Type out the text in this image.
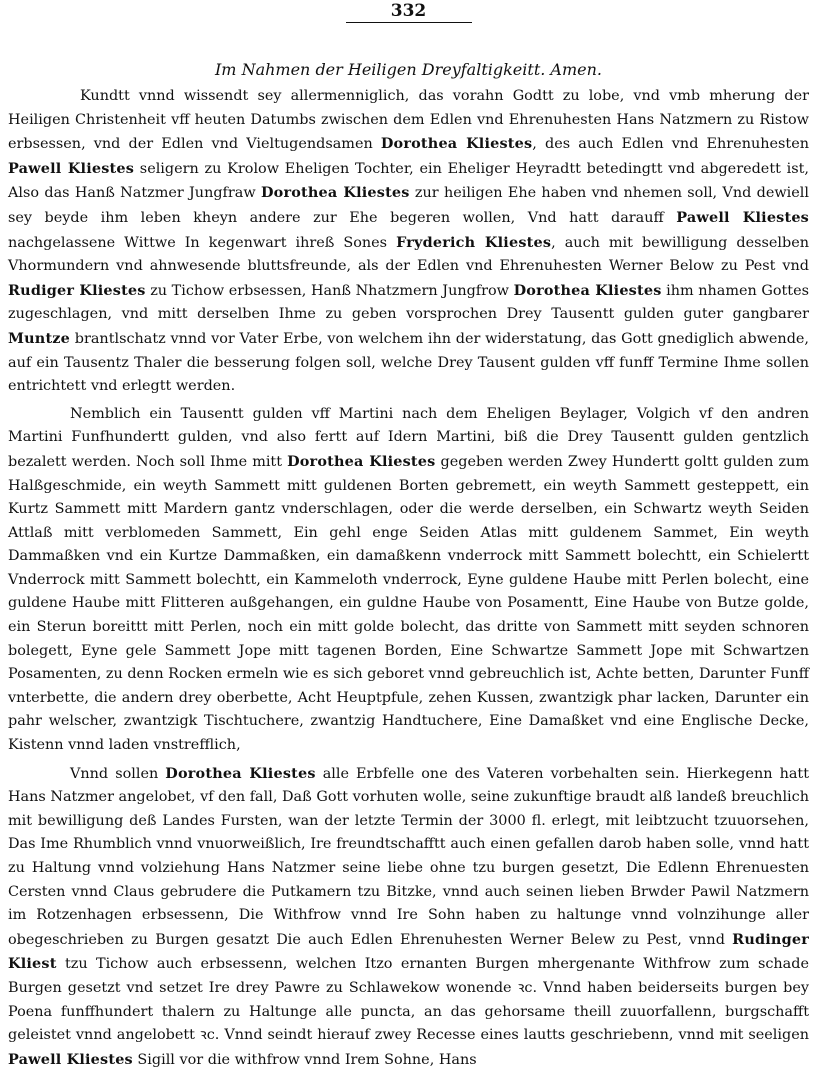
332
Im Nahmen der Heiligen Dreyfaltigkeitt. Amen.

Kundtt vnnd wissendt sey allermenniglich, das vorahn Godtt zu lobe, vnd vmb mherung der Heiligen Christenheit vff heuten Datumbs zwischen dem Edlen vnd Ehrenuhesten Hans Natzmern zu Ristow erbsessen, vnd der Edlen vnd Vieltugendsamen Dorothea Kliestes, des auch Edlen vnd Ehrenuhesten Pawell Kliestes seligern zu Krolow Eheligen Tochter, ein Eheliger Heyradtt betedingtt vnd abgeredett ist, Also das Hanß Natzmer Jungfraw Dorothea Kliestes zur heiligen Ehe haben vnd nhemen soll, Vnd dewiell sey beyde ihm leben kheyn andere zur Ehe begeren wollen, Vnd hatt darauff Pawell Kliestes nachgelassene Wittwe In kegenwart ihreß Sones Fryderich Kliestes, auch mit bewilligung desselben Vhormundern vnd ahnwesende bluttsfreunde, als der Edlen vnd Ehrenuhesten Werner Below zu Pest vnd Rudiger Kliestes zu Tichow erbsessen, Hanß Nhatzmern Jungfrow Dorothea Kliestes ihm nhamen Gottes zugeschlagen, vnd mitt derselben Ihme zu geben vorsprochen Drey Tausentt gulden guter gangbarer Muntze brantlschatz vnnd vor Vater Erbe, von welchem ihn der widerstatung, das Gott gnediglich abwende, auf ein Tausentz Thaler die besserung folgen soll, welche Drey Tausent gulden vff funff Termine Ihme sollen entrichtett vnd erlegtt werden.

Nemblich ein Tausentt gulden vff Martini nach dem Eheligen Beylager, Volgich vf den andren Martini Funfhundertt gulden, vnd also fertt auf Idern Martini, biß die Drey Tausentt gulden gentzlich bezalett werden. Noch soll Ihme mitt Dorothea Kliestes gegeben werden Zwey Hundertt goltt gulden zum Halßgeschmide, ein weyth Sammett mitt guldenen Borten gebremett, ein weyth Sammett gesteppett, ein Kurtz Sammett mitt Mardern gantz vnderschlagen, oder die werde derselben, ein Schwartz weyth Seiden Attlaß mitt verblomeden Sammett, Ein gehl enge Seiden Atlas mitt guldenem Sammet, Ein weyth Dammaßken vnd ein Kurtze Dammaßken, ein damaßkenn vnderrock mitt Sammett bolechtt, ein Schielertt Vnderrock mitt Sammett bolechtt, ein Kammeloth vnderrock, Eyne guldene Haube mitt Perlen bolecht, eine guldene Haube mitt Flitteren außgehangen, ein guldne Haube von Posamentt, Eine Haube von Butze golde, ein Sterun boreittt mitt Perlen, noch ein mitt golde bolecht, das dritte von Sammett mitt seyden schnoren bolegett, Eyne gele Sammett Jope mitt tagenen Borden, Eine Schwartze Sammett Jope mit Schwartzen Posamenten, zu denn Rocken ermeln wie es sich geboret vnnd gebreuchlich ist, Achte betten, Darunter Funff vnterbette, die andern drey oberbette, Acht Heuptpfule, zehen Kussen, zwantzigk phar lacken, Darunter ein pahr welscher, zwantzigk Tischtuchere, zwantzig Handtuchere, Eine Damaßket vnd eine Englische Decke, Kistenn vnnd laden vnstrefflich,

Vnnd sollen Dorothea Kliestes alle Erbfelle one des Vateren vorbehalten sein. Hierkegenn hatt Hans Natzmer angelobet, vf den fall, Daß Gott vorhuten wolle, seine zukunftige braudt alß landeß breuchlich mit bewilligung deß Landes Fursten, wan der letzte Termin der 3000 fl. erlegt, mit leibtzucht tzuuorsehen, Das Ime Rhumblich vnnd vnuorweißlich, Ire freundtschafftt auch einen gefallen darob haben solle, vnnd hatt zu Haltung vnnd volziehung Hans Natzmer seine liebe ohne tzu burgen gesetzt, Die Edlenn Ehrenuesten Cersten vnnd Claus gebrudere die Putkamern tzu Bitzke, vnnd auch seinen lieben Brwder Pawil Natzmern im Rotzenhagen erbsessenn, Die Withfrow vnnd Ire Sohn haben zu haltunge vnnd volnzihunge aller obegeschrieben zu Burgen gesatzt Die auch Edlen Ehrenuhesten Werner Belew zu Pest, vnnd Rudinger Kliest tzu Tichow auch erbsessenn, welchen Itzo ernanten Burgen mhergenante Withfrow zum schade Burgen gesetzt vnd setzet Ire drey Pawre zu Schlawekow wonende ꝛc. Vnnd haben beiderseits burgen bey Poena funffhundert thalern zu Haltunge alle puncta, an das gehorsame theill zuuorfallenn, burgschafft geleistet vnnd angelobett ꝛc. Vnnd seindt hierauf zwey Recesse eines lautts geschriebenn, vnnd mit seeligen Pawell Kliestes Sigill vor die withfrow vnnd Irem Sohne, Hans
